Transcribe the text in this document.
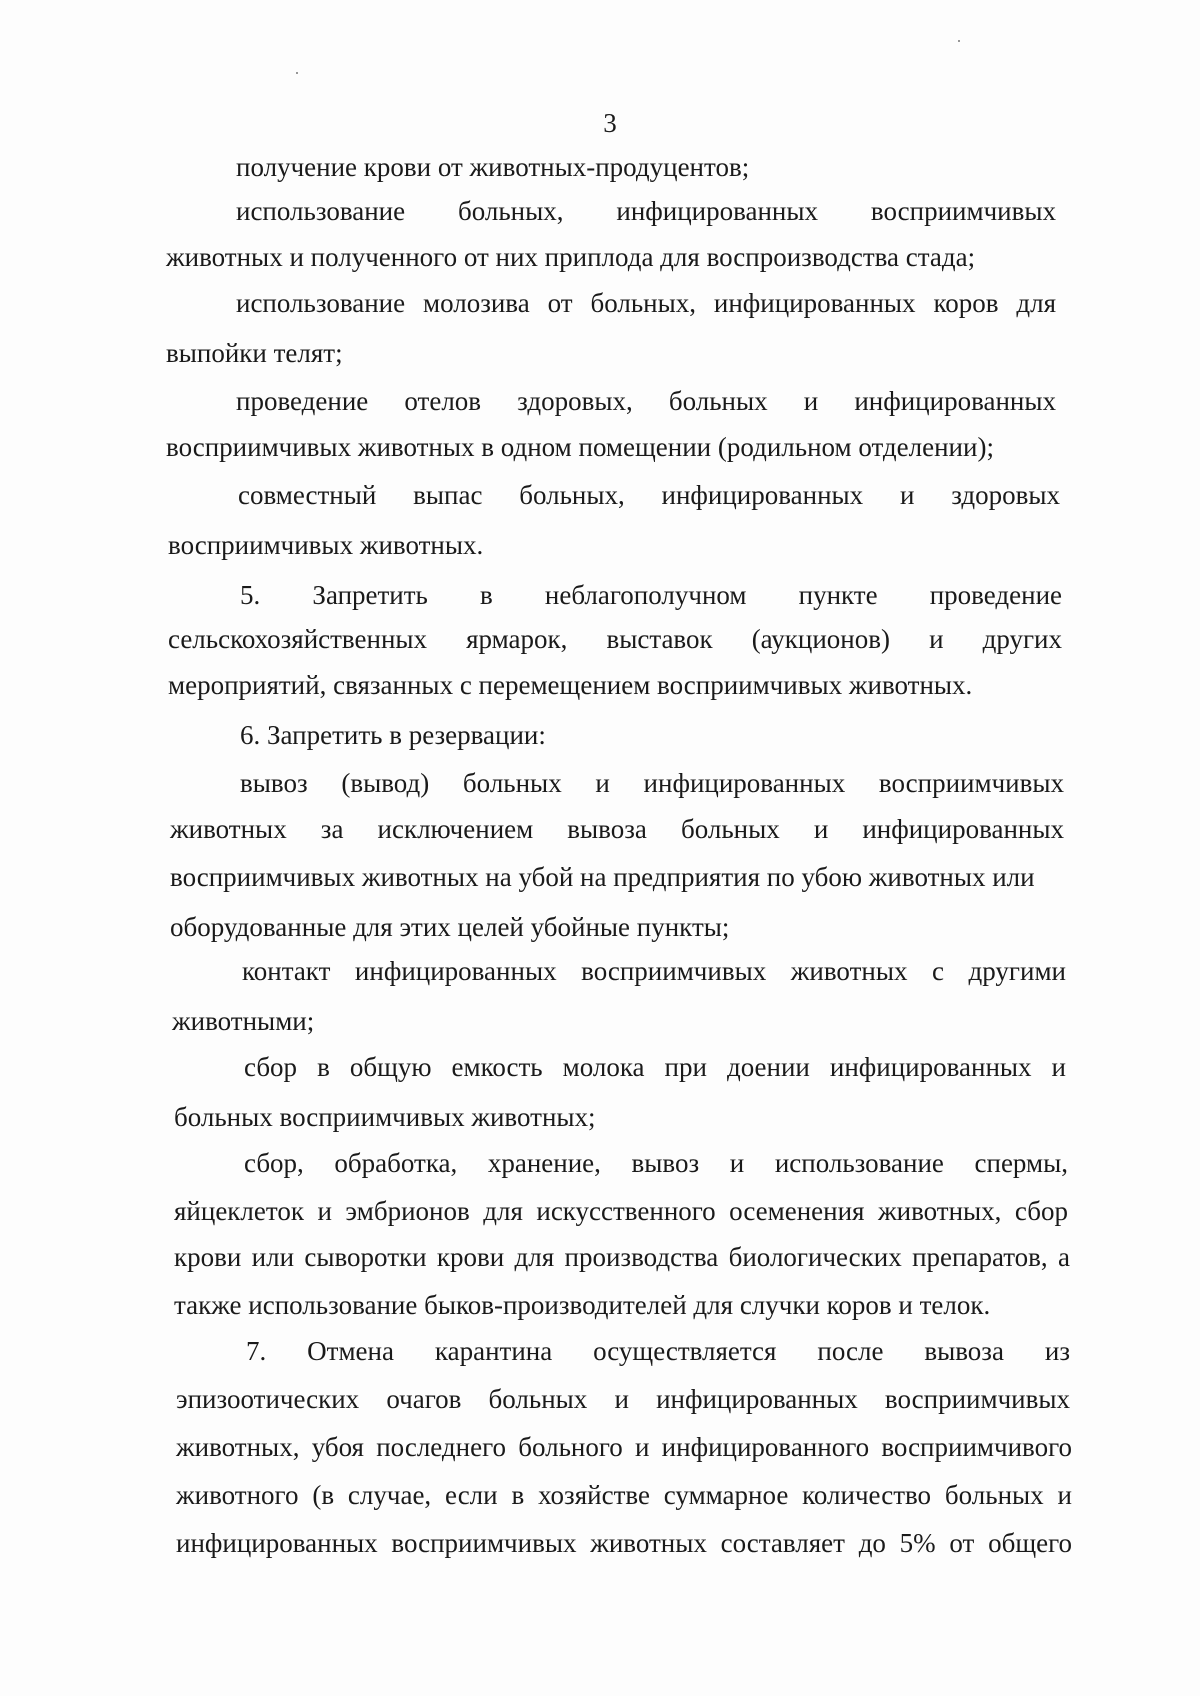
3
получение крови от животных-продуцентов;
использование больных, инфицированных восприимчивых
животных и полученного от них приплода для воспроизводства стада;
использование молозива от больных, инфицированных коров для
выпойки телят;
проведение отелов здоровых, больных и инфицированных
восприимчивых животных в одном помещении (родильном отделении);
совместный выпас больных, инфицированных и здоровых
восприимчивых животных.
5. Запретить в неблагополучном пункте проведение
сельскохозяйственных ярмарок, выставок (аукционов) и других
мероприятий, связанных с перемещением восприимчивых животных.
6. Запретить в резервации:
вывоз (вывод) больных и инфицированных восприимчивых
животных за исключением вывоза больных и инфицированных
восприимчивых животных на убой на предприятия по убою животных или
оборудованные для этих целей убойные пункты;
контакт инфицированных восприимчивых животных с другими
животными;
сбор в общую емкость молока при доении инфицированных и
больных восприимчивых животных;
сбор, обработка, хранение, вывоз и использование спермы,
яйцеклеток и эмбрионов для искусственного осеменения животных, сбор
крови или сыворотки крови для производства биологических препаратов, а
также использование быков-производителей для случки коров и телок.
7. Отмена карантина осуществляется после вывоза из
эпизоотических очагов больных и инфицированных восприимчивых
животных, убоя последнего больного и инфицированного восприимчивого
животного (в случае, если в хозяйстве суммарное количество больных и
инфицированных восприимчивых животных составляет до 5% от общего
